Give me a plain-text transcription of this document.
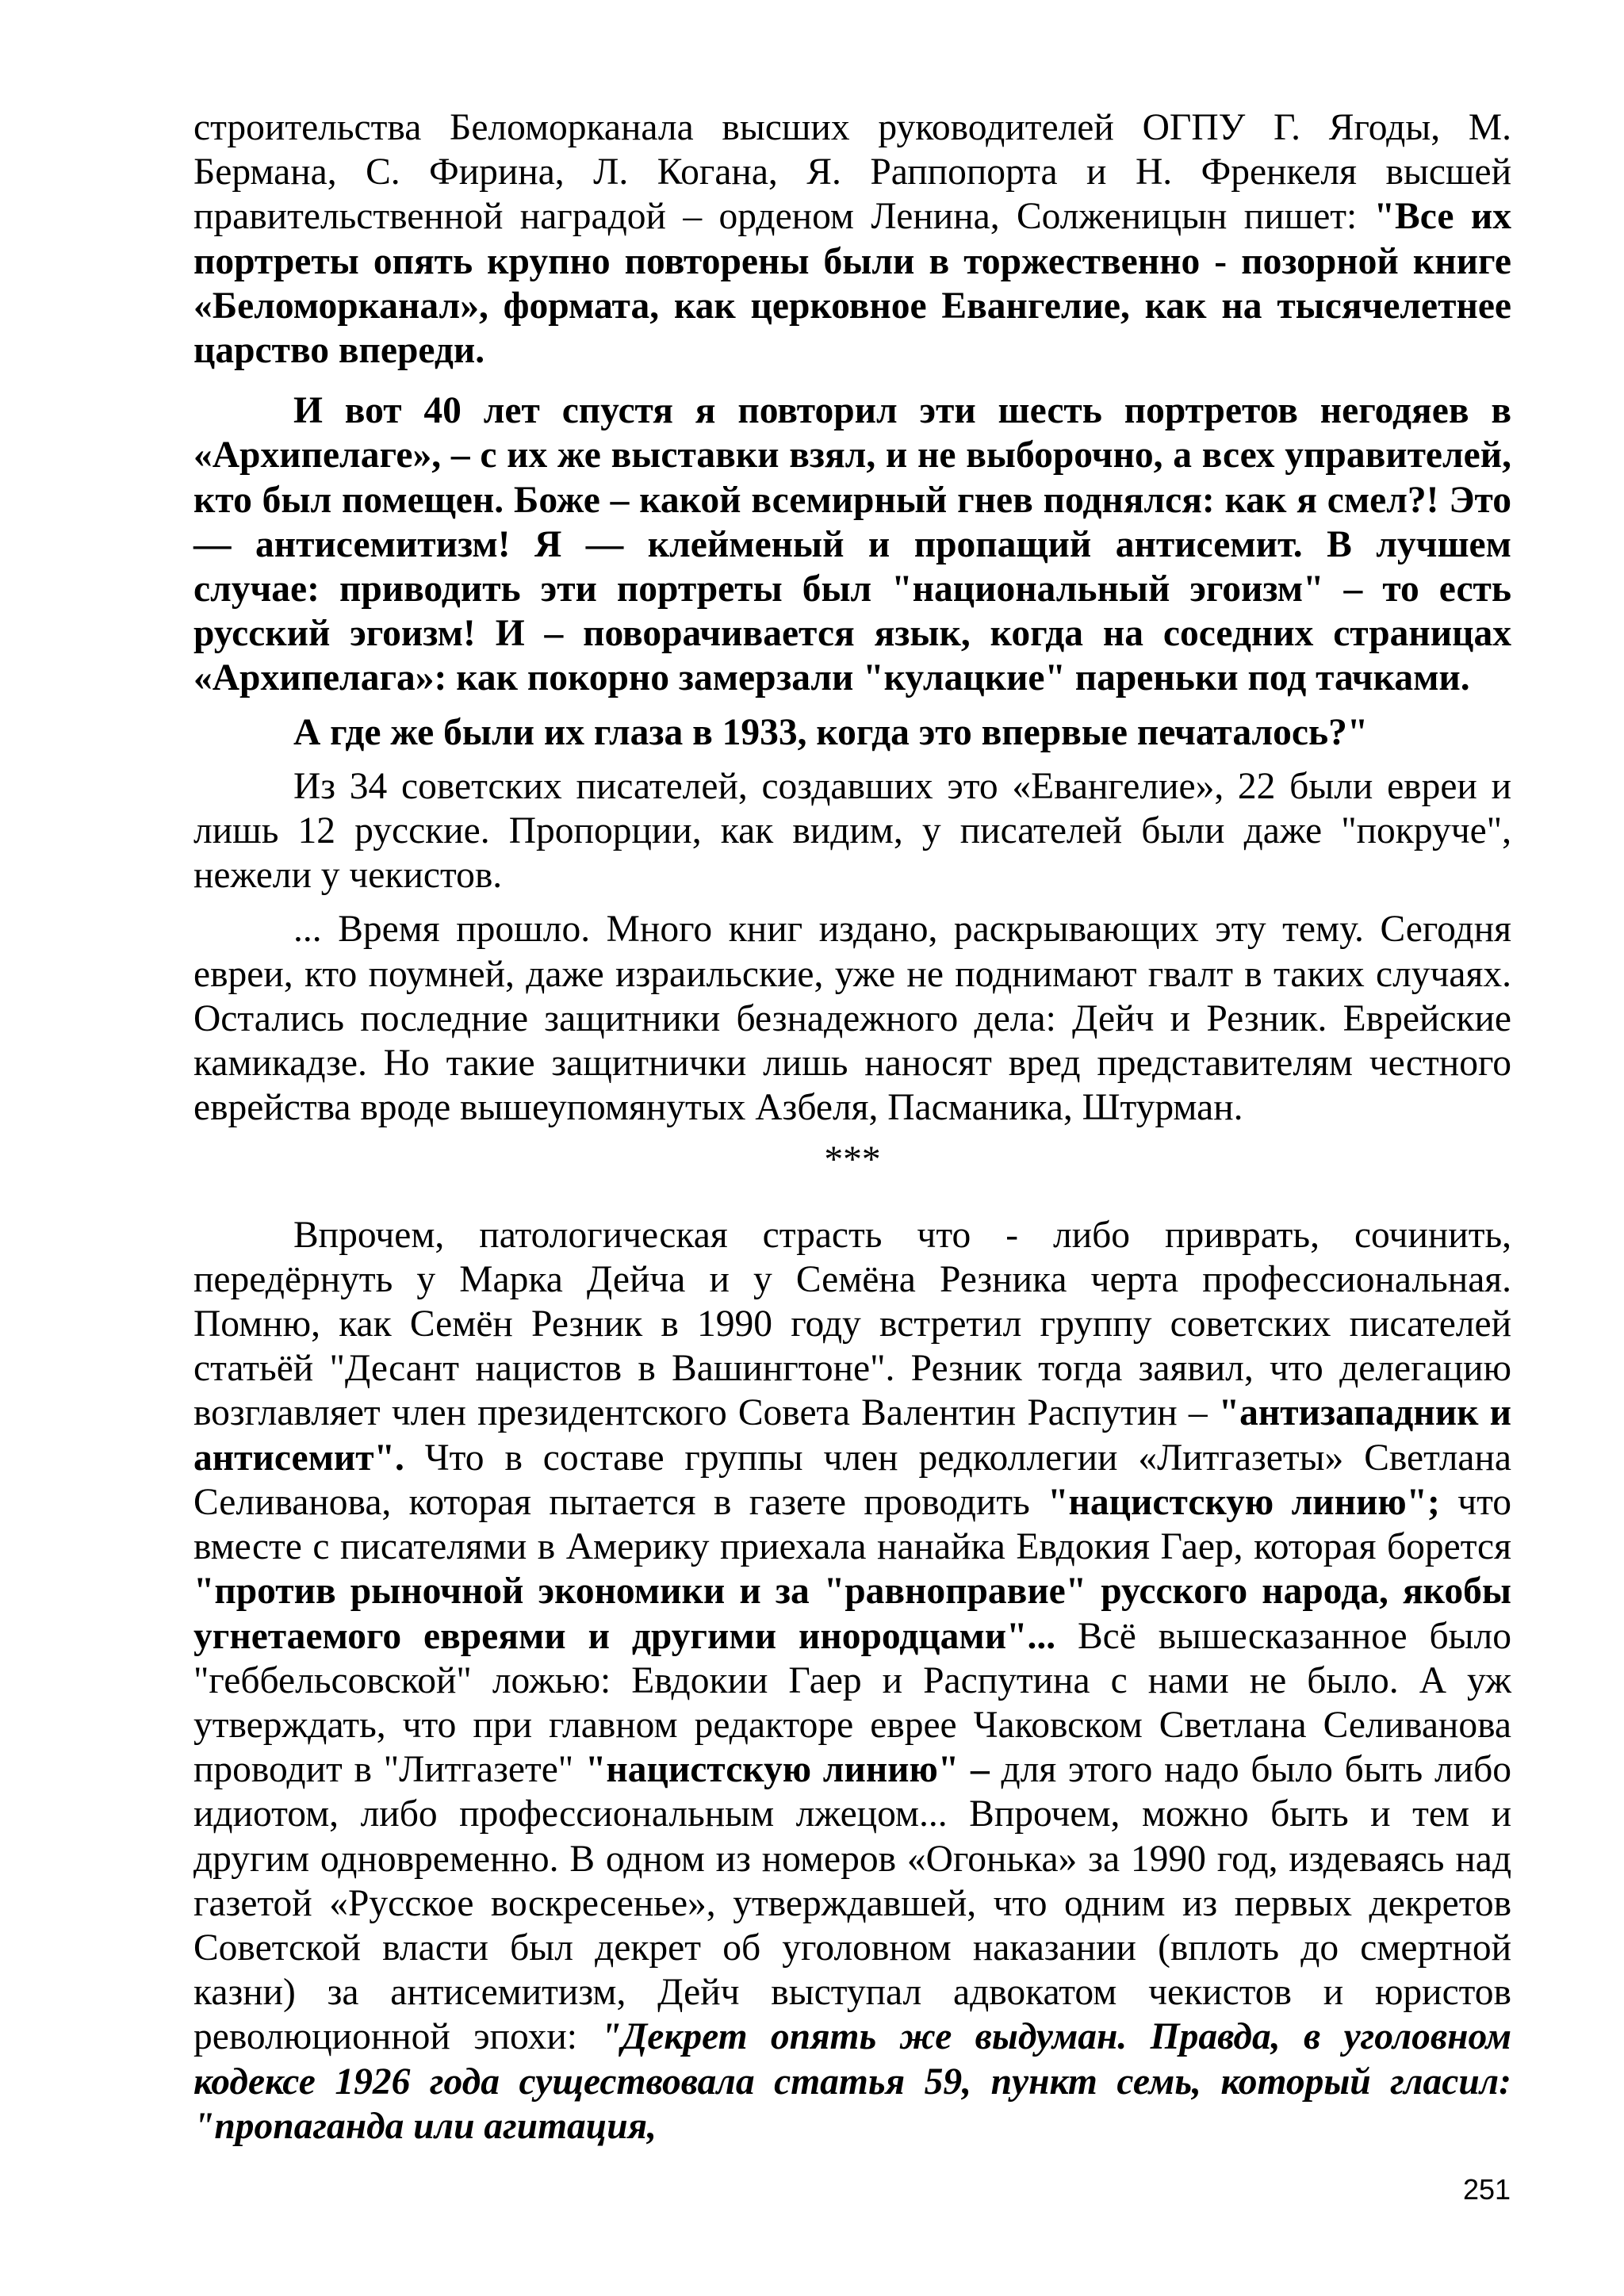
строительства Беломорканала высших руководителей ОГПУ Г. Ягоды, М. Бермана, С. Фирина, Л. Когана, Я. Раппопорта и Н. Френкеля высшей правительственной наградой – орденом Ленина, Солженицын пишет: "Все их портреты опять крупно повторены были в торжественно - позорной книге «Беломорканал», формата, как церковное Евангелие, как на тысячелетнее царство впереди.

И вот 40 лет спустя я повторил эти шесть портретов негодяев в «Архипелаге», – с их же выставки взял, и не выборочно, а всех управителей, кто был помещен. Боже – какой всемирный гнев поднялся: как я смел?! Это — антисемитизм! Я — клейменый и пропащий антисемит. В лучшем случае: приводить эти портреты был "национальный эгоизм" – то есть русский эгоизм! И – поворачивается язык, когда на соседних страницах «Архипелага»: как покорно замерзали "кулацкие" пареньки под тачками.

А где же были их глаза в 1933, когда это впервые печаталось?"

Из 34 советских писателей, создавших это «Евангелие», 22 были евреи и лишь 12 русские. Пропорции, как видим, у писателей были даже "покруче", нежели у чекистов.

... Время прошло. Много книг издано, раскрывающих эту тему. Сегодня евреи, кто поумней, даже израильские, уже не поднимают гвалт в таких случаях. Остались последние защитники безнадежного дела: Дейч и Резник. Еврейские камикадзе. Но такие защитнички лишь наносят вред представителям честного еврейства вроде вышеупомянутых Азбеля, Пасманика, Штурман.

***

Впрочем, патологическая страсть что - либо приврать, сочинить, передёрнуть у Марка Дейча и у Семёна Резника черта профессиональная. Помню, как Семён Резник в 1990 году встретил группу советских писателей статьёй "Десант нацистов в Вашингтоне". Резник тогда заявил, что делегацию возглавляет член президентского Совета Валентин Распутин – "антизападник и антисемит". Что в составе группы член редколлегии «Литгазеты» Светлана Селиванова, которая пытается в газете проводить "нацистскую линию"; что вместе с писателями в Америку приехала нанайка Евдокия Гаер, которая борется "против рыночной экономики и за "равноправие" русского народа, якобы угнетаемого евреями и другими инородцами"... Всё вышесказанное было "геббельсовской" ложью: Евдокии Гаер и Распутина с нами не было. А уж утверждать, что при главном редакторе еврее Чаковском Светлана Селиванова проводит в "Литгазете" "нацистскую линию" – для этого надо было быть либо идиотом, либо профессиональным лжецом... Впрочем, можно быть и тем и другим одновременно. В одном из номеров «Огонька» за 1990 год, издеваясь над газетой «Русское воскресенье», утверждавшей, что одним из первых декретов Советской власти был декрет об уголовном наказании (вплоть до смертной казни) за антисемитизм, Дейч выступал адвокатом чекистов и юристов революционной эпохи: "Декрет опять же выдуман. Правда, в уголовном кодексе 1926 года существовала статья 59, пункт семь, который гласил: "пропаганда или агитация,

251
